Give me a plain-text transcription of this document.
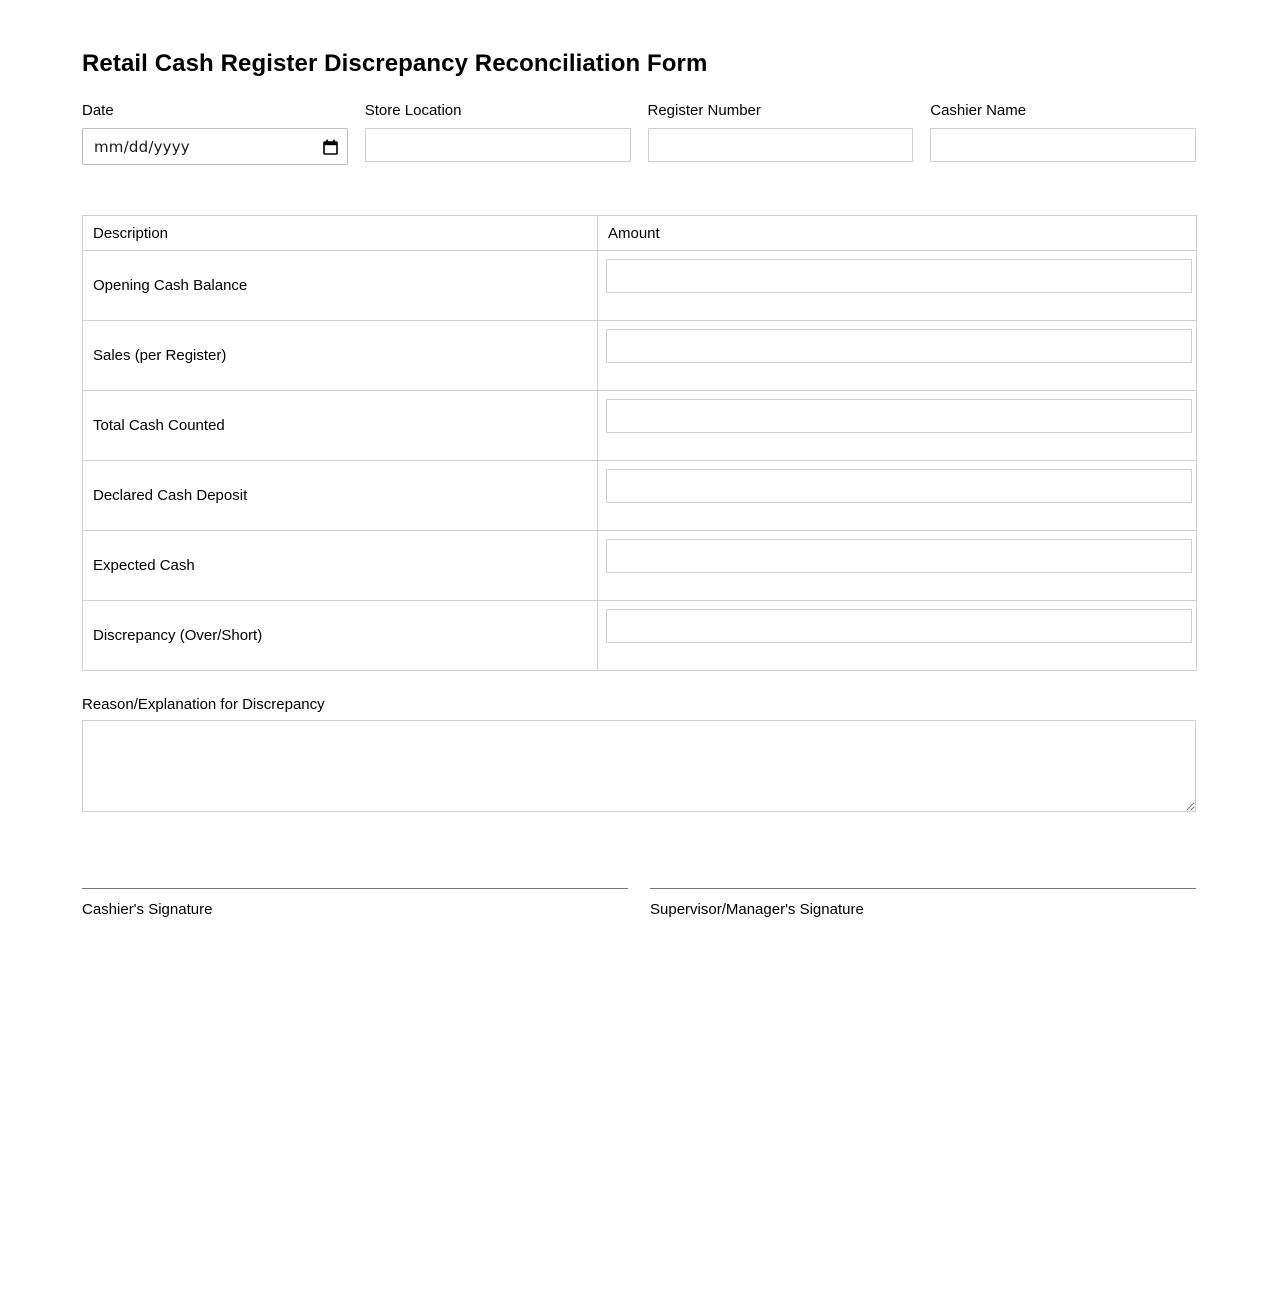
Retail Cash Register Discrepancy Reconciliation Form
Date
mm/dd/yyyy
Store Location	Register Number	Cashier Name
Description	Amount
Opening Cash Balance	

Sales (per Register)	

Total Cash Counted	

Declared Cash Deposit	

Expected Cash	

Discrepancy (Over/Short)	
Reason/Explanation for Discrepancy
Cashier's Signature	Supervisor/Manager's Signature
